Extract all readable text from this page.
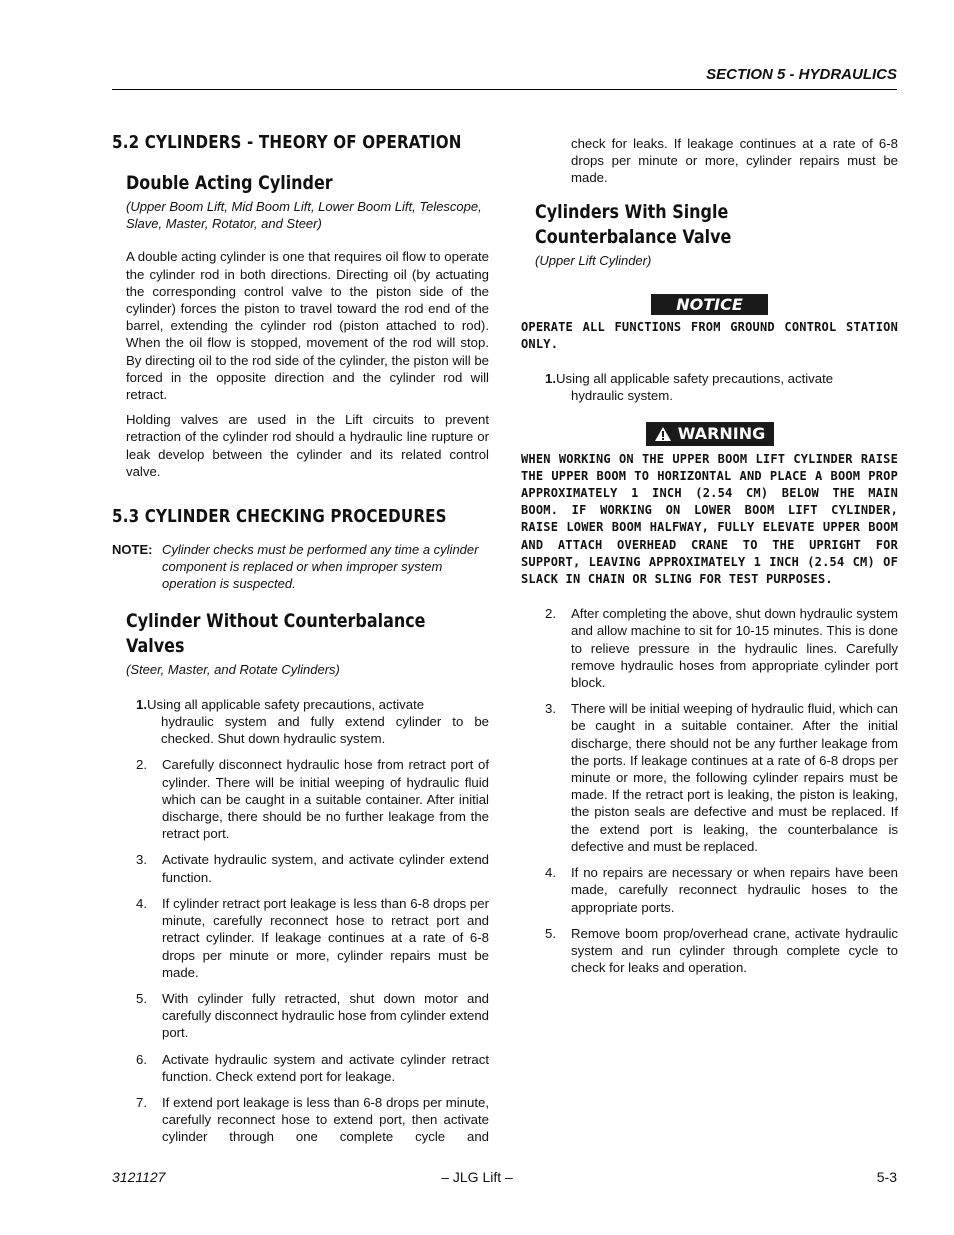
SECTION 5 - HYDRAULICS
5.2 CYLINDERS - THEORY OF OPERATION
Double Acting Cylinder

(Upper Boom Lift, Mid Boom Lift, Lower Boom Lift, Telescope, Slave, Master, Rotator, and Steer)

A double acting cylinder is one that requires oil flow to operate the cylinder rod in both directions. Directing oil (by actuating the corresponding control valve to the piston side of the cylinder) forces the piston to travel toward the rod end of the barrel, extending the cylinder rod (piston attached to rod). When the oil flow is stopped, movement of the rod will stop. By directing oil to the rod side of the cylinder, the piston will be forced in the opposite direction and the cylinder rod will retract.

Holding valves are used in the Lift circuits to prevent retraction of the cylinder rod should a hydraulic line rupture or leak develop between the cylinder and its related control valve.

5.3 CYLINDER CHECKING PROCEDURES
NOTE: Cylinder checks must be performed any time a cylinder component is replaced or when improper system operation is suspected.
Cylinder Without Counterbalance Valves

(Steer, Master, and Rotate Cylinders)

1.Using all applicable safety precautions, activate
hydraulic system and fully extend cylinder to be checked. Shut down hydraulic system.
2.	Carefully disconnect hydraulic hose from retract port of cylinder. There will be initial weeping of hydraulic fluid which can be caught in a suitable container. After initial discharge, there should be no further leakage from the retract port.
3.	Activate hydraulic system, and activate cylinder extend function.
4.	If cylinder retract port leakage is less than 6-8 drops per minute, carefully reconnect hose to retract port and retract cylinder. If leakage continues at a rate of 6-8 drops per minute or more, cylinder repairs must be made.
5.	With cylinder fully retracted, shut down motor and carefully disconnect hydraulic hose from cylinder extend port.
6.	Activate hydraulic system and activate cylinder retract function. Check extend port for leakage.
7.	If extend port leakage is less than 6-8 drops per minute, carefully reconnect hose to extend port, then activate cylinder through one complete cycle and

check for leaks. If leakage continues at a rate of 6-8 drops per minute or more, cylinder repairs must be made.

Cylinders With Single Counterbalance Valve

(Upper Lift Cylinder)

NOTICE

OPERATE ALL FUNCTIONS FROM GROUND CONTROL STATION ONLY.

1.Using all applicable safety precautions, activate
hydraulic system.
WARNING

WHEN WORKING ON THE UPPER BOOM LIFT CYLINDER RAISE THE UPPER BOOM TO HORIZONTAL AND PLACE A BOOM PROP APPROXIMATELY 1 INCH (2.54 CM) BELOW THE MAIN BOOM. IF WORKING ON LOWER BOOM LIFT CYLINDER, RAISE LOWER BOOM HALFWAY, FULLY ELEVATE UPPER BOOM AND ATTACH OVERHEAD CRANE TO THE UPRIGHT FOR SUPPORT, LEAVING APPROXIMATELY 1 INCH (2.54 CM) OF SLACK IN CHAIN OR SLING FOR TEST PURPOSES.

2.	After completing the above, shut down hydraulic system and allow machine to sit for 10-15 minutes. This is done to relieve pressure in the hydraulic lines. Carefully remove hydraulic hoses from appropriate cylinder port block.
3.	There will be initial weeping of hydraulic fluid, which can be caught in a suitable container. After the initial discharge, there should not be any further leakage from the ports. If leakage continues at a rate of 6-8 drops per minute or more, the following cylinder repairs must be made. If the retract port is leaking, the piston is leaking, the piston seals are defective and must be replaced. If the extend port is leaking, the counterbalance is defective and must be replaced.
4.	If no repairs are necessary or when repairs have been made, carefully reconnect hydraulic hoses to the appropriate ports.
5.	Remove boom prop/overhead crane, activate hydraulic system and run cylinder through complete cycle to check for leaks and operation.
– JLG Lift –
3121127	5-3
